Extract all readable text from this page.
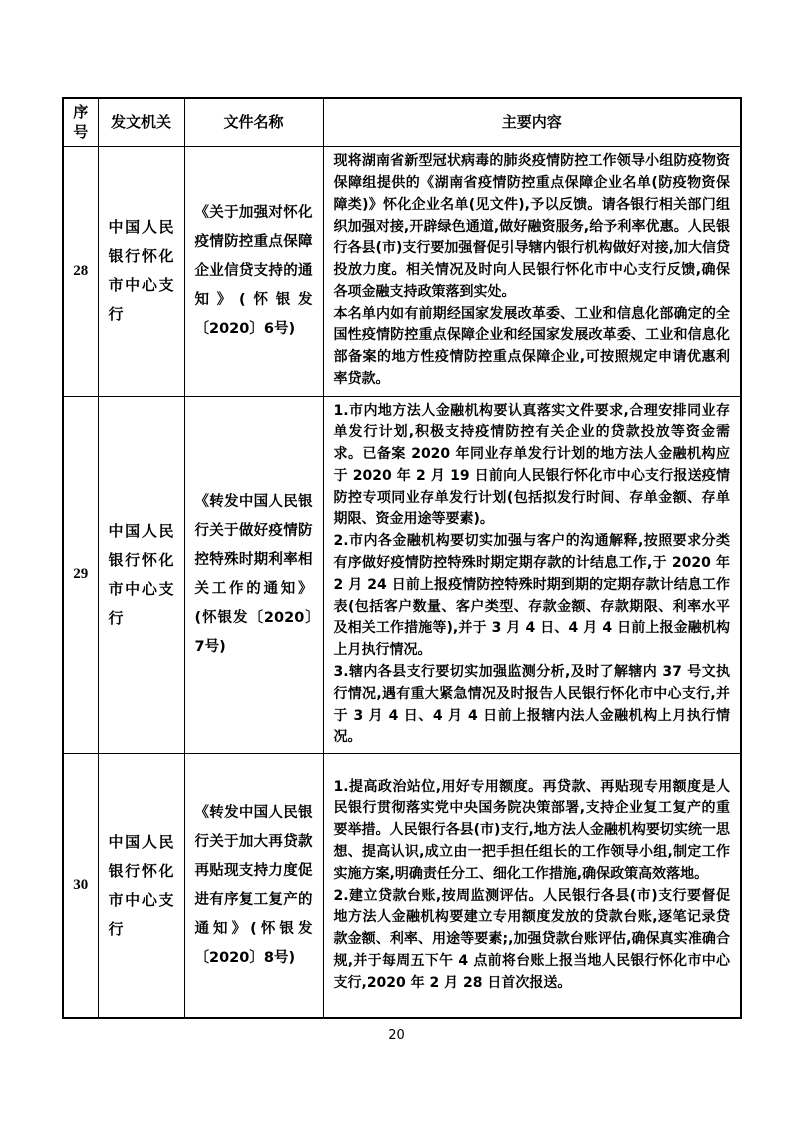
序号	发文机关	文件名称	主要内容
28	中国人民银行怀化市中心支行	《关于加强对怀化疫情防控重点保障企业信贷支持的通知》(怀银发〔2020〕6号)	现将湖南省新型冠状病毒的肺炎疫情防控工作领导小组防疫物资保障组提供的《湖南省疫情防控重点保障企业名单(防疫物资保障类)》怀化企业名单(见文件),予以反馈。请各银行相关部门组织加强对接,开辟绿色通道,做好融资服务,给予利率优惠。人民银行各县(市)支行要加强督促引导辖内银行机构做好对接,加大信贷投放力度。相关情况及时向人民银行怀化市中心支行反馈,确保各项金融支持政策落到实处。

本名单内如有前期经国家发展改革委、工业和信息化部确定的全国性疫情防控重点保障企业和经国家发展改革委、工业和信息化部备案的地方性疫情防控重点保障企业,可按照规定申请优惠利率贷款。

29	中国人民银行怀化市中心支行	《转发中国人民银行关于做好疫情防控特殊时期利率相关工作的通知》(怀银发〔2020〕7号)	1.市内地方法人金融机构要认真落实文件要求,合理安排同业存单发行计划,积极支持疫情防控有关企业的贷款投放等资金需求。已备案 2020 年同业存单发行计划的地方法人金融机构应于 2020 年 2 月 19 日前向人民银行怀化市中心支行报送疫情防控专项同业存单发行计划(包括拟发行时间、存单金额、存单期限、资金用途等要素)。

2.市内各金融机构要切实加强与客户的沟通解释,按照要求分类有序做好疫情防控特殊时期定期存款的计结息工作,于 2020 年 2 月 24 日前上报疫情防控特殊时期到期的定期存款计结息工作表(包括客户数量、客户类型、存款金额、存款期限、利率水平及相关工作措施等),并于 3 月 4 日、4 月 4 日前上报金融机构上月执行情况。

3.辖内各县支行要切实加强监测分析,及时了解辖内 37 号文执行情况,遇有重大紧急情况及时报告人民银行怀化市中心支行,并于 3 月 4 日、4 月 4 日前上报辖内法人金融机构上月执行情况。

30	中国人民银行怀化市中心支行	《转发中国人民银行关于加大再贷款再贴现支持力度促进有序复工复产的通知》(怀银发〔2020〕8号)	1.提高政治站位,用好专用额度。再贷款、再贴现专用额度是人民银行贯彻落实党中央国务院决策部署,支持企业复工复产的重要举措。人民银行各县(市)支行,地方法人金融机构要切实统一思想、提高认识,成立由一把手担任组长的工作领导小组,制定工作实施方案,明确责任分工、细化工作措施,确保政策高效落地。

2.建立贷款台账,按周监测评估。人民银行各县(市)支行要督促地方法人金融机构要建立专用额度发放的贷款台账,逐笔记录贷款金额、利率、用途等要素;,加强贷款台账评估,确保真实准确合规,并于每周五下午 4 点前将台账上报当地人民银行怀化市中心支行,2020 年 2 月 28 日首次报送。

20
